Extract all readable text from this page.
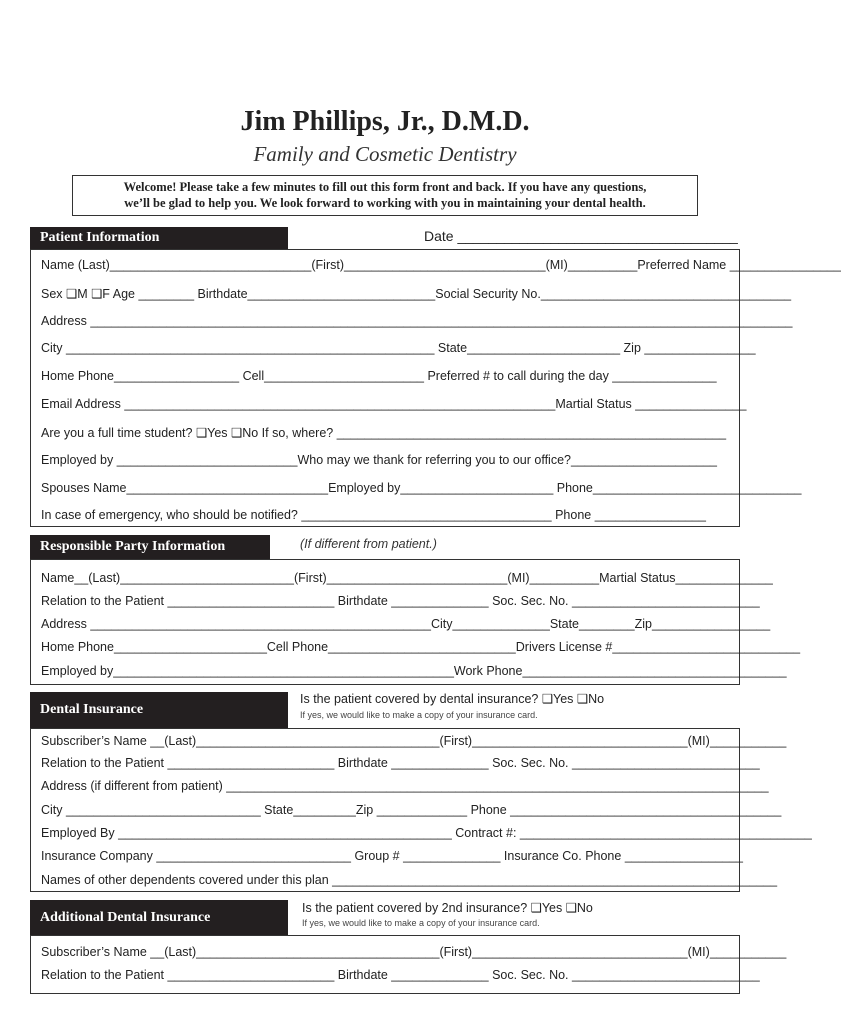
Jim Phillips, Jr., D.M.D.
Family and Cosmetic Dentistry
Welcome! Please take a few minutes to fill out this form front and back. If you have any questions,
we’ll be glad to help you. We look forward to working with you in maintaining your dental health.
Patient Information	Date ____________________________________
Name (Last)_____________________________(First)_____________________________(MI)__________Preferred Name ________________
Sex ❑M ❑F Age ________ Birthdate___________________________Social Security No.____________________________________
Address _____________________________________________________________________________________________________
City _____________________________________________________ State______________________ Zip ________________
Home Phone__________________ Cell_______________________ Preferred # to call during the day _______________
Email Address ______________________________________________________________Martial Status ________________
Are you a full time student? ❑Yes ❑No If so, where? ________________________________________________________
Employed by __________________________Who may we thank for referring you to our office?_____________________
Spouses Name_____________________________Employed by______________________ Phone______________________________
In case of emergency, who should be notified? ____________________________________ Phone ________________
Responsible Party Information	(If different from patient.)
Name__(Last)_________________________(First)__________________________(MI)__________Martial Status______________
Relation to the Patient ________________________ Birthdate ______________ Soc. Sec. No. ___________________________
Address _________________________________________________City______________State________Zip_________________
Home Phone______________________Cell Phone___________________________Drivers License #___________________________
Employed by_________________________________________________Work Phone______________________________________
Dental Insurance
Is the patient covered by dental insurance? ❑Yes ❑No
If yes, we would like to make a copy of your insurance card.
Subscriber’s Name __(Last)___________________________________(First)_______________________________(MI)___________
Relation to the Patient ________________________ Birthdate ______________ Soc. Sec. No. ___________________________
Address (if different from patient) ______________________________________________________________________________
City ____________________________ State_________Zip _____________ Phone _______________________________________
Employed By ________________________________________________ Contract #: __________________________________________
Insurance Company ____________________________ Group # ______________ Insurance Co. Phone _________________
Names of other dependents covered under this plan ________________________________________________________________
Additional Dental Insurance
Is the patient covered by 2nd insurance? ❑Yes ❑No
If yes, we would like to make a copy of your insurance card.
Subscriber’s Name __(Last)___________________________________(First)_______________________________(MI)___________
Relation to the Patient ________________________ Birthdate ______________ Soc. Sec. No. ___________________________
